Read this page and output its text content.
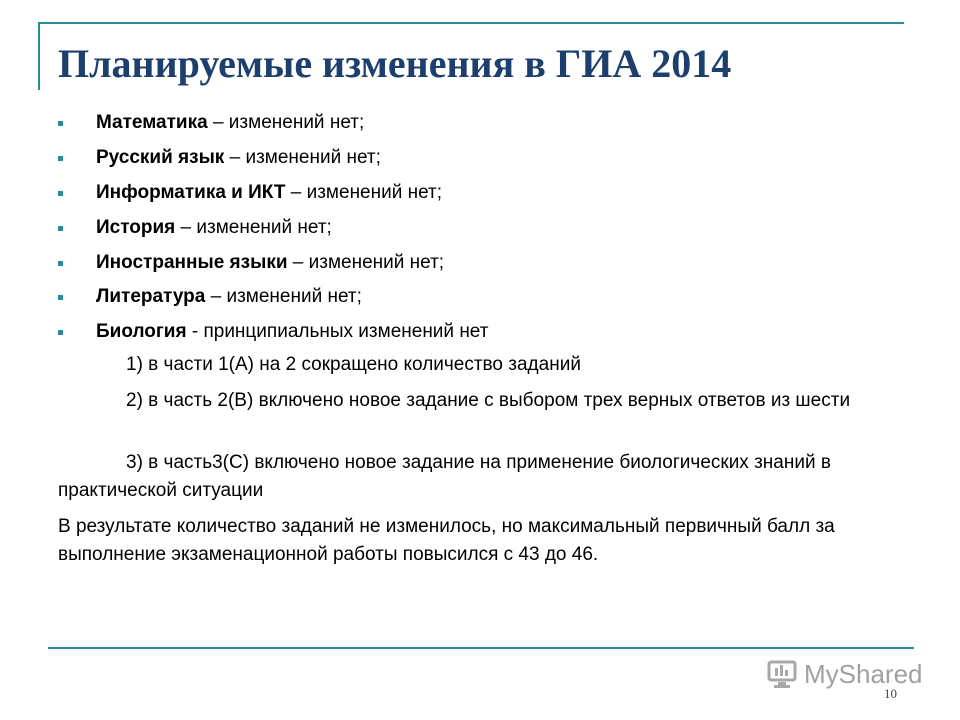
Планируемые изменения в ГИА 2014
Математика – изменений нет;
Русский язык – изменений нет;
Информатика и ИКТ – изменений нет;
История – изменений нет;
Иностранные языки – изменений нет;
Литература – изменений нет;
Биология - принципиальных изменений нет

1) в части 1(А) на 2 сокращено количество заданий

2) в часть 2(В) включено новое задание с выбором трех верных ответов из шести

3) в часть3(С) включено новое задание на применение биологических знаний в практической ситуации

В результате количество заданий не изменилось, но максимальный первичный балл за выполнение экзаменационной работы повысился с 43 до 46.

MyShared
10
